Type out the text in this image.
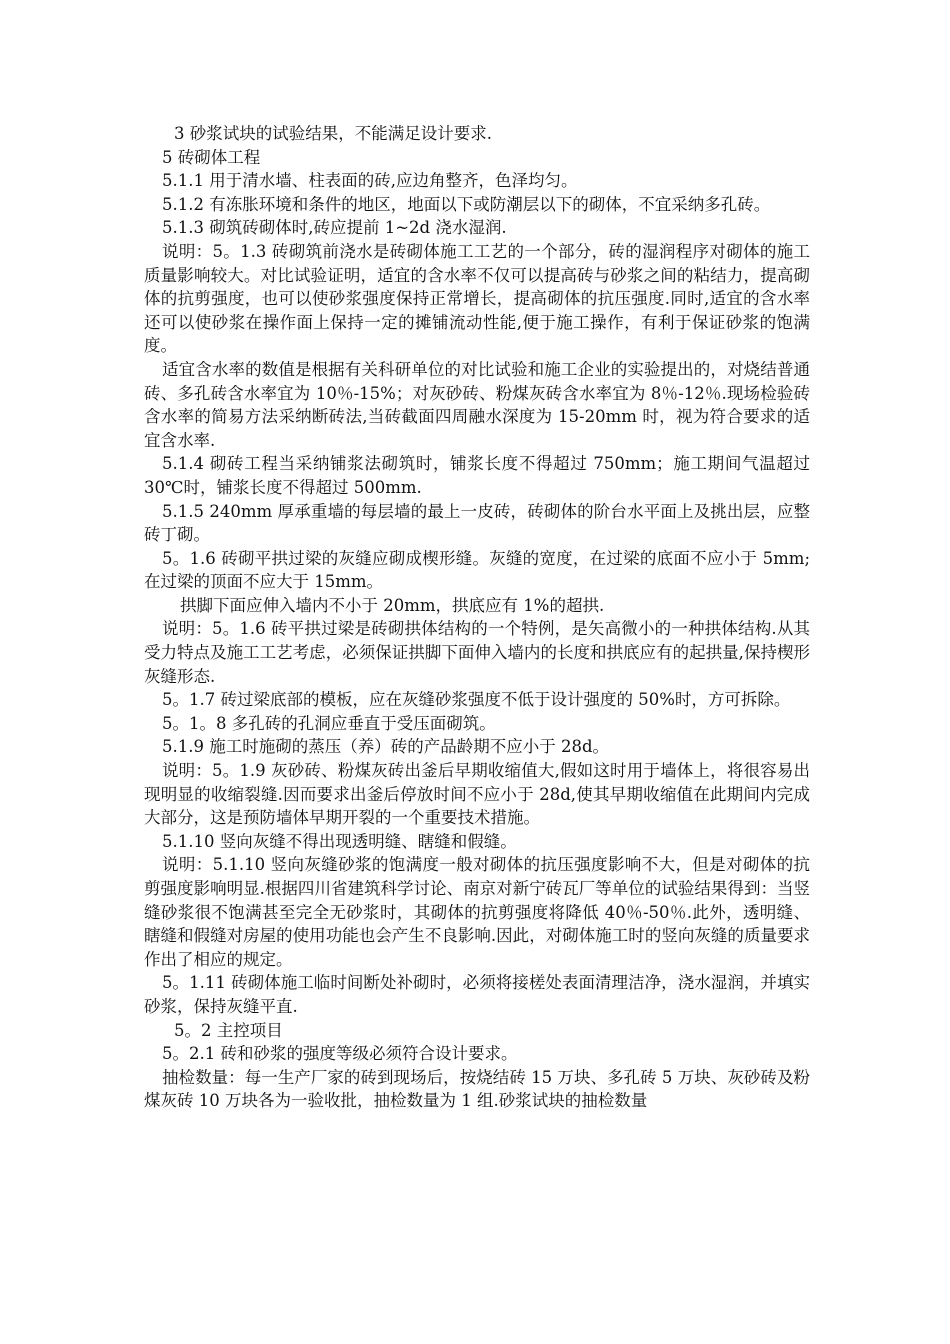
3 砂浆试块的试验结果，不能满足设计要求.

5 砖砌体工程

5.1.1 用于清水墙、柱表面的砖,应边角整齐，色泽均匀。

5.1.2 有冻胀环境和条件的地区，地面以下或防潮层以下的砌体，不宜采纳多孔砖。

5.1.3 砌筑砖砌体时,砖应提前 1~2d 浇水湿润.

说明：5。1.3 砖砌筑前浇水是砖砌体施工工艺的一个部分，砖的湿润程序对砌体的施工质量影响较大。对比试验证明，适宜的含水率不仅可以提高砖与砂浆之间的粘结力，提高砌体的抗剪强度，也可以使砂浆强度保持正常增长，提高砌体的抗压强度.同时,适宜的含水率还可以使砂浆在操作面上保持一定的摊铺流动性能,便于施工操作，有利于保证砂浆的饱满度。

适宜含水率的数值是根据有关科研单位的对比试验和施工企业的实验提出的，对烧结普通砖、多孔砖含水率宜为 10％-15%；对灰砂砖、粉煤灰砖含水率宜为 8％-12％.现场检验砖含水率的简易方法采纳断砖法,当砖截面四周融水深度为 15-20mm 时，视为符合要求的适宜含水率.

5.1.4 砌砖工程当采纳铺浆法砌筑时，铺浆长度不得超过 750mm；施工期间气温超过 30℃时，铺浆长度不得超过 500mm.

5.1.5 240mm 厚承重墙的每层墙的最上一皮砖，砖砌体的阶台水平面上及挑出层，应整砖丁砌。

5。1.6 砖砌平拱过梁的灰缝应砌成楔形缝。灰缝的宽度，在过梁的底面不应小于 5mm;在过梁的顶面不应大于 15mm。

拱脚下面应伸入墙内不小于 20mm，拱底应有 1%的超拱.

说明：5。1.6 砖平拱过梁是砖砌拱体结构的一个特例，是矢高微小的一种拱体结构.从其受力特点及施工工艺考虑，必须保证拱脚下面伸入墙内的长度和拱底应有的起拱量,保持楔形灰缝形态.

5。1.7 砖过梁底部的模板，应在灰缝砂浆强度不低于设计强度的 50%时，方可拆除。

5。1。8 多孔砖的孔洞应垂直于受压面砌筑。

5.1.9 施工时施砌的蒸压（养）砖的产品龄期不应小于 28d。

说明：5。1.9 灰砂砖、粉煤灰砖出釜后早期收缩值大,假如这时用于墙体上，将很容易出现明显的收缩裂缝.因而要求出釜后停放时间不应小于 28d,使其早期收缩值在此期间内完成大部分，这是预防墙体早期开裂的一个重要技术措施。

5.1.10 竖向灰缝不得出现透明缝、瞎缝和假缝。

说明：5.1.10 竖向灰缝砂浆的饱满度一般对砌体的抗压强度影响不大，但是对砌体的抗剪强度影响明显.根据四川省建筑科学讨论、南京对新宁砖瓦厂等单位的试验结果得到：当竖缝砂浆很不饱满甚至完全无砂浆时，其砌体的抗剪强度将降低 40％-50％.此外，透明缝、瞎缝和假缝对房屋的使用功能也会产生不良影响.因此，对砌体施工时的竖向灰缝的质量要求作出了相应的规定。

5。1.11 砖砌体施工临时间断处补砌时，必须将接槎处表面清理洁净，浇水湿润，并填实砂浆，保持灰缝平直.

5。2 主控项目

5。2.1 砖和砂浆的强度等级必须符合设计要求。

抽检数量：每一生产厂家的砖到现场后，按烧结砖 15 万块、多孔砖 5 万块、灰砂砖及粉煤灰砖 10 万块各为一验收批，抽检数量为 1 组.砂浆试块的抽检数量
